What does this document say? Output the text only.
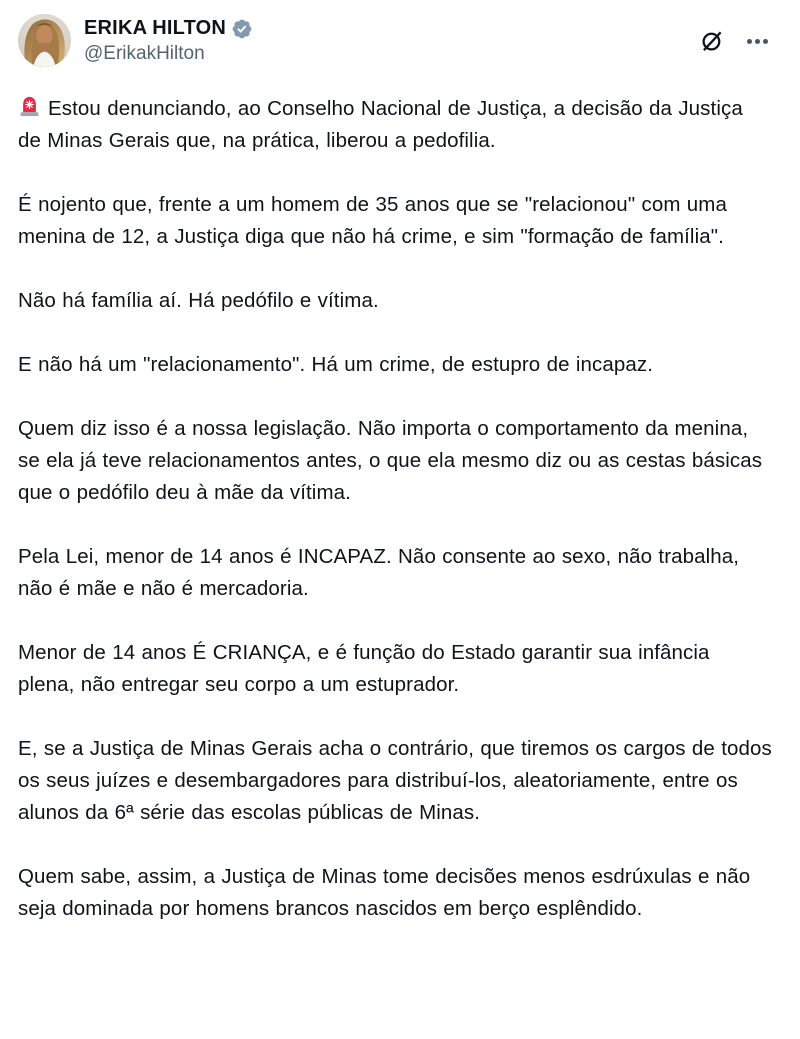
ERIKA HILTON
@ErikakHilton

Estou denunciando, ao Conselho Nacional de Justiça, a decisão da Justiça de Minas Gerais que, na prática, liberou a pedofilia.

É nojento que, frente a um homem de 35 anos que se "relacionou" com uma menina de 12, a Justiça diga que não há crime, e sim "formação de família".

Não há família aí. Há pedófilo e vítima.

E não há um "relacionamento". Há um crime, de estupro de incapaz.

Quem diz isso é a nossa legislação. Não importa o comportamento da menina, se ela já teve relacionamentos antes, o que ela mesmo diz ou as cestas básicas que o pedófilo deu à mãe da vítima.

Pela Lei, menor de 14 anos é INCAPAZ. Não consente ao sexo, não trabalha, não é mãe e não é mercadoria.

Menor de 14 anos É CRIANÇA, e é função do Estado garantir sua infância plena, não entregar seu corpo a um estuprador.

E, se a Justiça de Minas Gerais acha o contrário, que tiremos os cargos de todos os seus juízes e desembargadores para distribuí-los, aleatoriamente, entre os alunos da 6ª série das escolas públicas de Minas.

Quem sabe, assim, a Justiça de Minas tome decisões menos esdrúxulas e não seja dominada por homens brancos nascidos em berço esplêndido.
